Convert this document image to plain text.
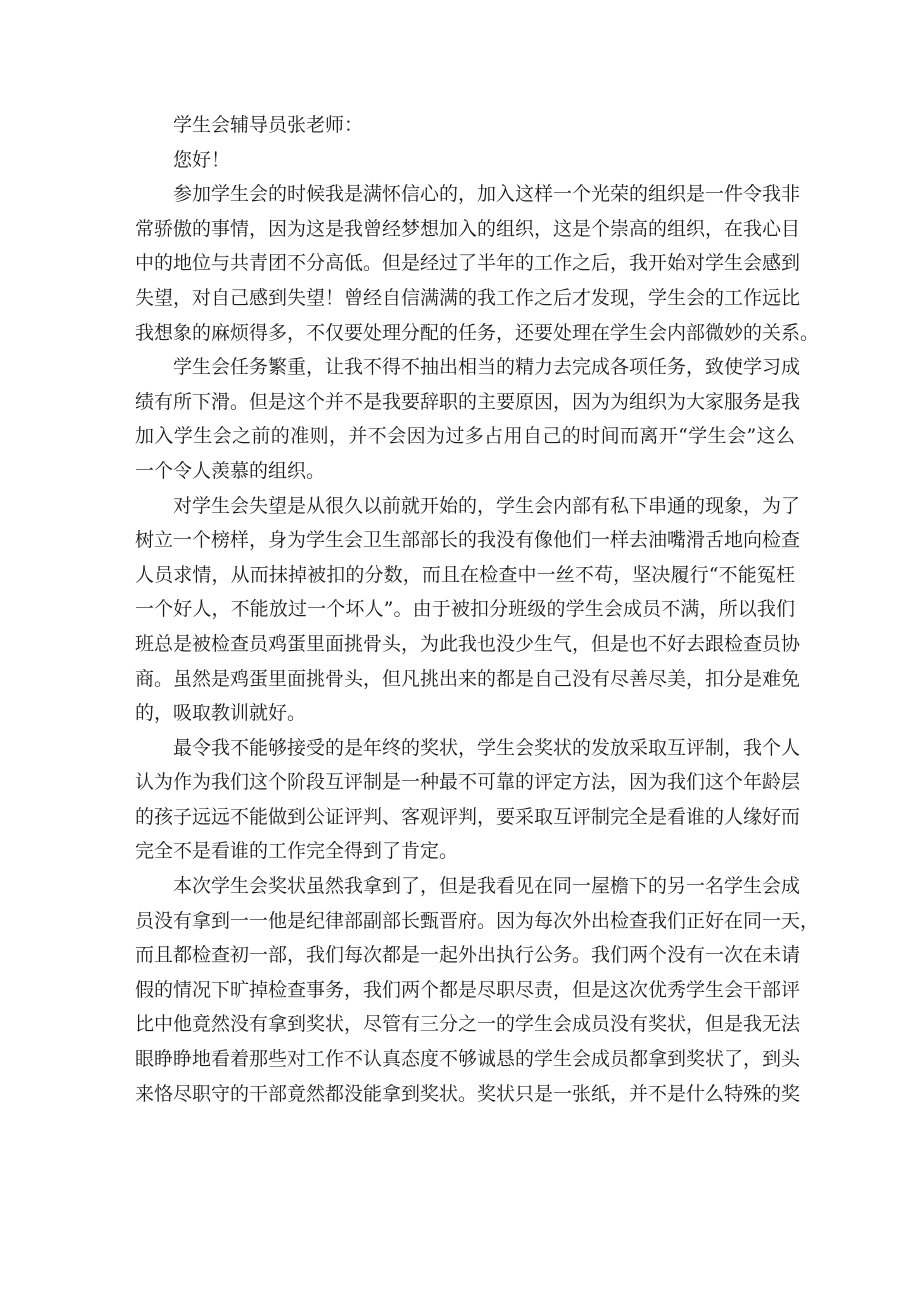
学生会辅导员张老师：
您好！
参加学生会的时候我是满怀信心的，加入这样一个光荣的组织是一件令我非
常骄傲的事情，因为这是我曾经梦想加入的组织，这是个崇高的组织，在我心目
中的地位与共青团不分高低。但是经过了半年的工作之后，我开始对学生会感到
失望，对自己感到失望！曾经自信满满的我工作之后才发现，学生会的工作远比
我想象的麻烦得多，不仅要处理分配的任务，还要处理在学生会内部微妙的关系。
学生会任务繁重，让我不得不抽出相当的精力去完成各项任务，致使学习成
绩有所下滑。但是这个并不是我要辞职的主要原因，因为为组织为大家服务是我
加入学生会之前的准则，并不会因为过多占用自己的时间而离开“学生会”这么
一个令人羡慕的组织。
对学生会失望是从很久以前就开始的，学生会内部有私下串通的现象，为了
树立一个榜样，身为学生会卫生部部长的我没有像他们一样去油嘴滑舌地向检查
人员求情，从而抹掉被扣的分数，而且在检查中一丝不苟，坚决履行“不能冤枉
一个好人，不能放过一个坏人”。由于被扣分班级的学生会成员不满，所以我们
班总是被检查员鸡蛋里面挑骨头，为此我也没少生气，但是也不好去跟检查员协
商。虽然是鸡蛋里面挑骨头，但凡挑出来的都是自己没有尽善尽美，扣分是难免
的，吸取教训就好。
最令我不能够接受的是年终的奖状，学生会奖状的发放采取互评制，我个人
认为作为我们这个阶段互评制是一种最不可靠的评定方法，因为我们这个年龄层
的孩子远远不能做到公证评判、客观评判，要采取互评制完全是看谁的人缘好而
完全不是看谁的工作完全得到了肯定。
本次学生会奖状虽然我拿到了，但是我看见在同一屋檐下的另一名学生会成
员没有拿到一一他是纪律部副部长甄晋府。因为每次外出检查我们正好在同一天，
而且都检查初一部，我们每次都是一起外出执行公务。我们两个没有一次在未请
假的情况下旷掉检查事务，我们两个都是尽职尽责，但是这次优秀学生会干部评
比中他竟然没有拿到奖状，尽管有三分之一的学生会成员没有奖状，但是我无法
眼睁睁地看着那些对工作不认真态度不够诚恳的学生会成员都拿到奖状了，到头
来恪尽职守的干部竟然都没能拿到奖状。奖状只是一张纸，并不是什么特殊的奖
